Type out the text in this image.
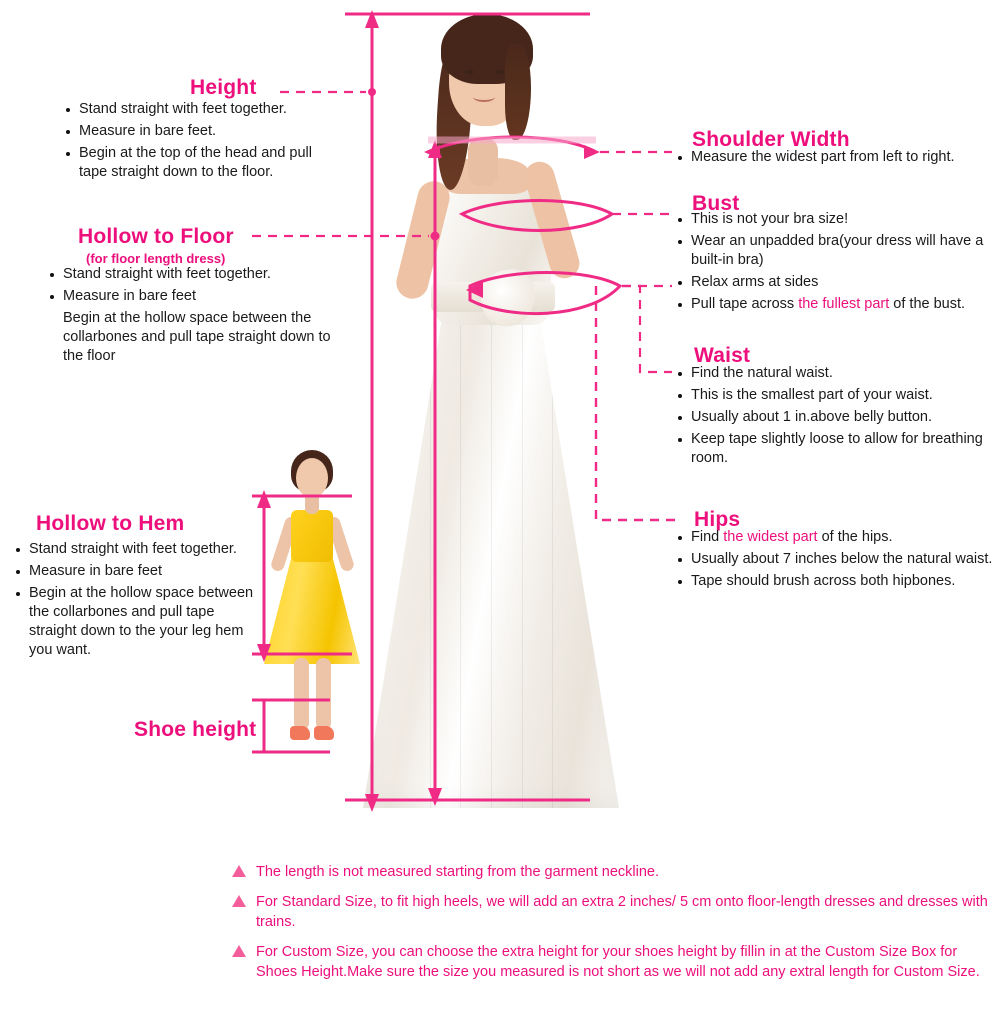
Height
Stand straight with feet together.
Measure in bare feet.
Begin at the top of the head and pull tape straight down to the floor.
Hollow to Floor
(for floor length dress)
Stand straight with feet together.
Measure in bare feet
Begin at the hollow space between the collarbones and pull tape straight down to the floor
Hollow to Hem
Stand straight with feet together.
Measure in bare feet
Begin at the hollow space between the collarbones and pull tape straight down to the your leg hem you want.
Shoe height
Shoulder Width
Measure the widest part from left to right.
Bust
This is not your bra size!
Wear an unpadded bra(your dress will have a built-in bra)
Relax arms at sides
Pull tape across the fullest part of the bust.
Waist
Find the natural waist.
This is the smallest part of your waist.
Usually about 1 in.above belly button.
Keep tape slightly loose to allow for breathing room.
Hips
Find the widest part of the hips.
Usually about 7 inches below the natural waist.
Tape should brush across both hipbones.
The length is not measured starting from the garment neckline.
For Standard Size, to fit high heels, we will add an extra 2 inches/ 5 cm onto floor-length dresses and dresses with trains.
For Custom Size, you can choose the extra height for your shoes height by fillin in at the Custom Size Box for Shoes Height.Make sure the size you measured is not short as we will not add any extral length for Custom Size.
